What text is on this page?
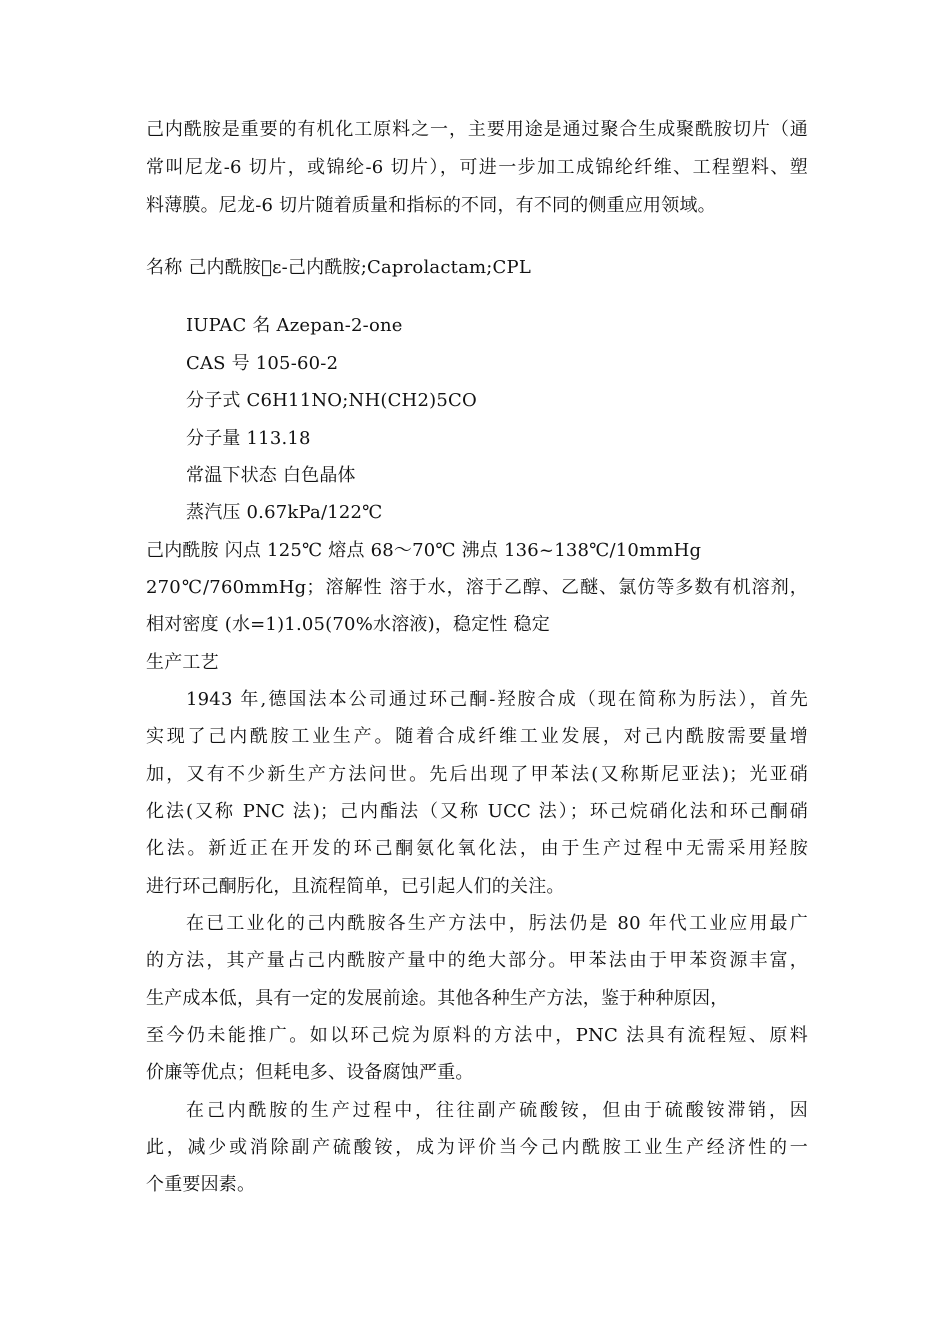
己内酰胺是重要的有机化工原料之一，主要用途是通过聚合生成聚酰胺切片（通

常叫尼龙-6 切片，或锦纶-6 切片），可进一步加工成锦纶纤维、工程塑料、塑

料薄膜。尼龙-6 切片随着质量和指标的不同，有不同的侧重应用领域。

名称 己内酰胺 ε-己内酰胺;Caprolactam;CPL

IUPAC 名 Azepan-2-one

CAS 号 105-60-2

分子式 C6H11NO;NH(CH2)5CO

分子量 113.18

常温下状态 白色晶体

蒸汽压 0.67kPa/122℃

己内酰胺 闪点 125℃ 熔点 68～70℃ 沸点 136~138℃/10mmHg

270℃/760mmHg；溶解性 溶于水，溶于乙醇、乙醚、氯仿等多数有机溶剂，

相对密度 (水=1)1.05(70%水溶液)，稳定性 稳定

生产工艺

1943 年,德国法本公司通过环己酮-羟胺合成（现在简称为肟法），首先

实现了己内酰胺工业生产。随着合成纤维工业发展，对己内酰胺需要量增

加，又有不少新生产方法问世。先后出现了甲苯法(又称斯尼亚法)；光亚硝

化法(又称 PNC 法)；己内酯法（又称 UCC 法）；环己烷硝化法和环己酮硝

化法。新近正在开发的环己酮氨化氧化法，由于生产过程中无需采用羟胺

进行环己酮肟化，且流程简单，已引起人们的关注。

在已工业化的己内酰胺各生产方法中，肟法仍是 80 年代工业应用最广

的方法，其产量占己内酰胺产量中的绝大部分。甲苯法由于甲苯资源丰富，

生产成本低，具有一定的发展前途。其他各种生产方法，鉴于种种原因，

至今仍未能推广。如以环己烷为原料的方法中，PNC 法具有流程短、原料

价廉等优点；但耗电多、设备腐蚀严重。

在己内酰胺的生产过程中，往往副产硫酸铵，但由于硫酸铵滞销，因

此，减少或消除副产硫酸铵，成为评价当今己内酰胺工业生产经济性的一

个重要因素。
